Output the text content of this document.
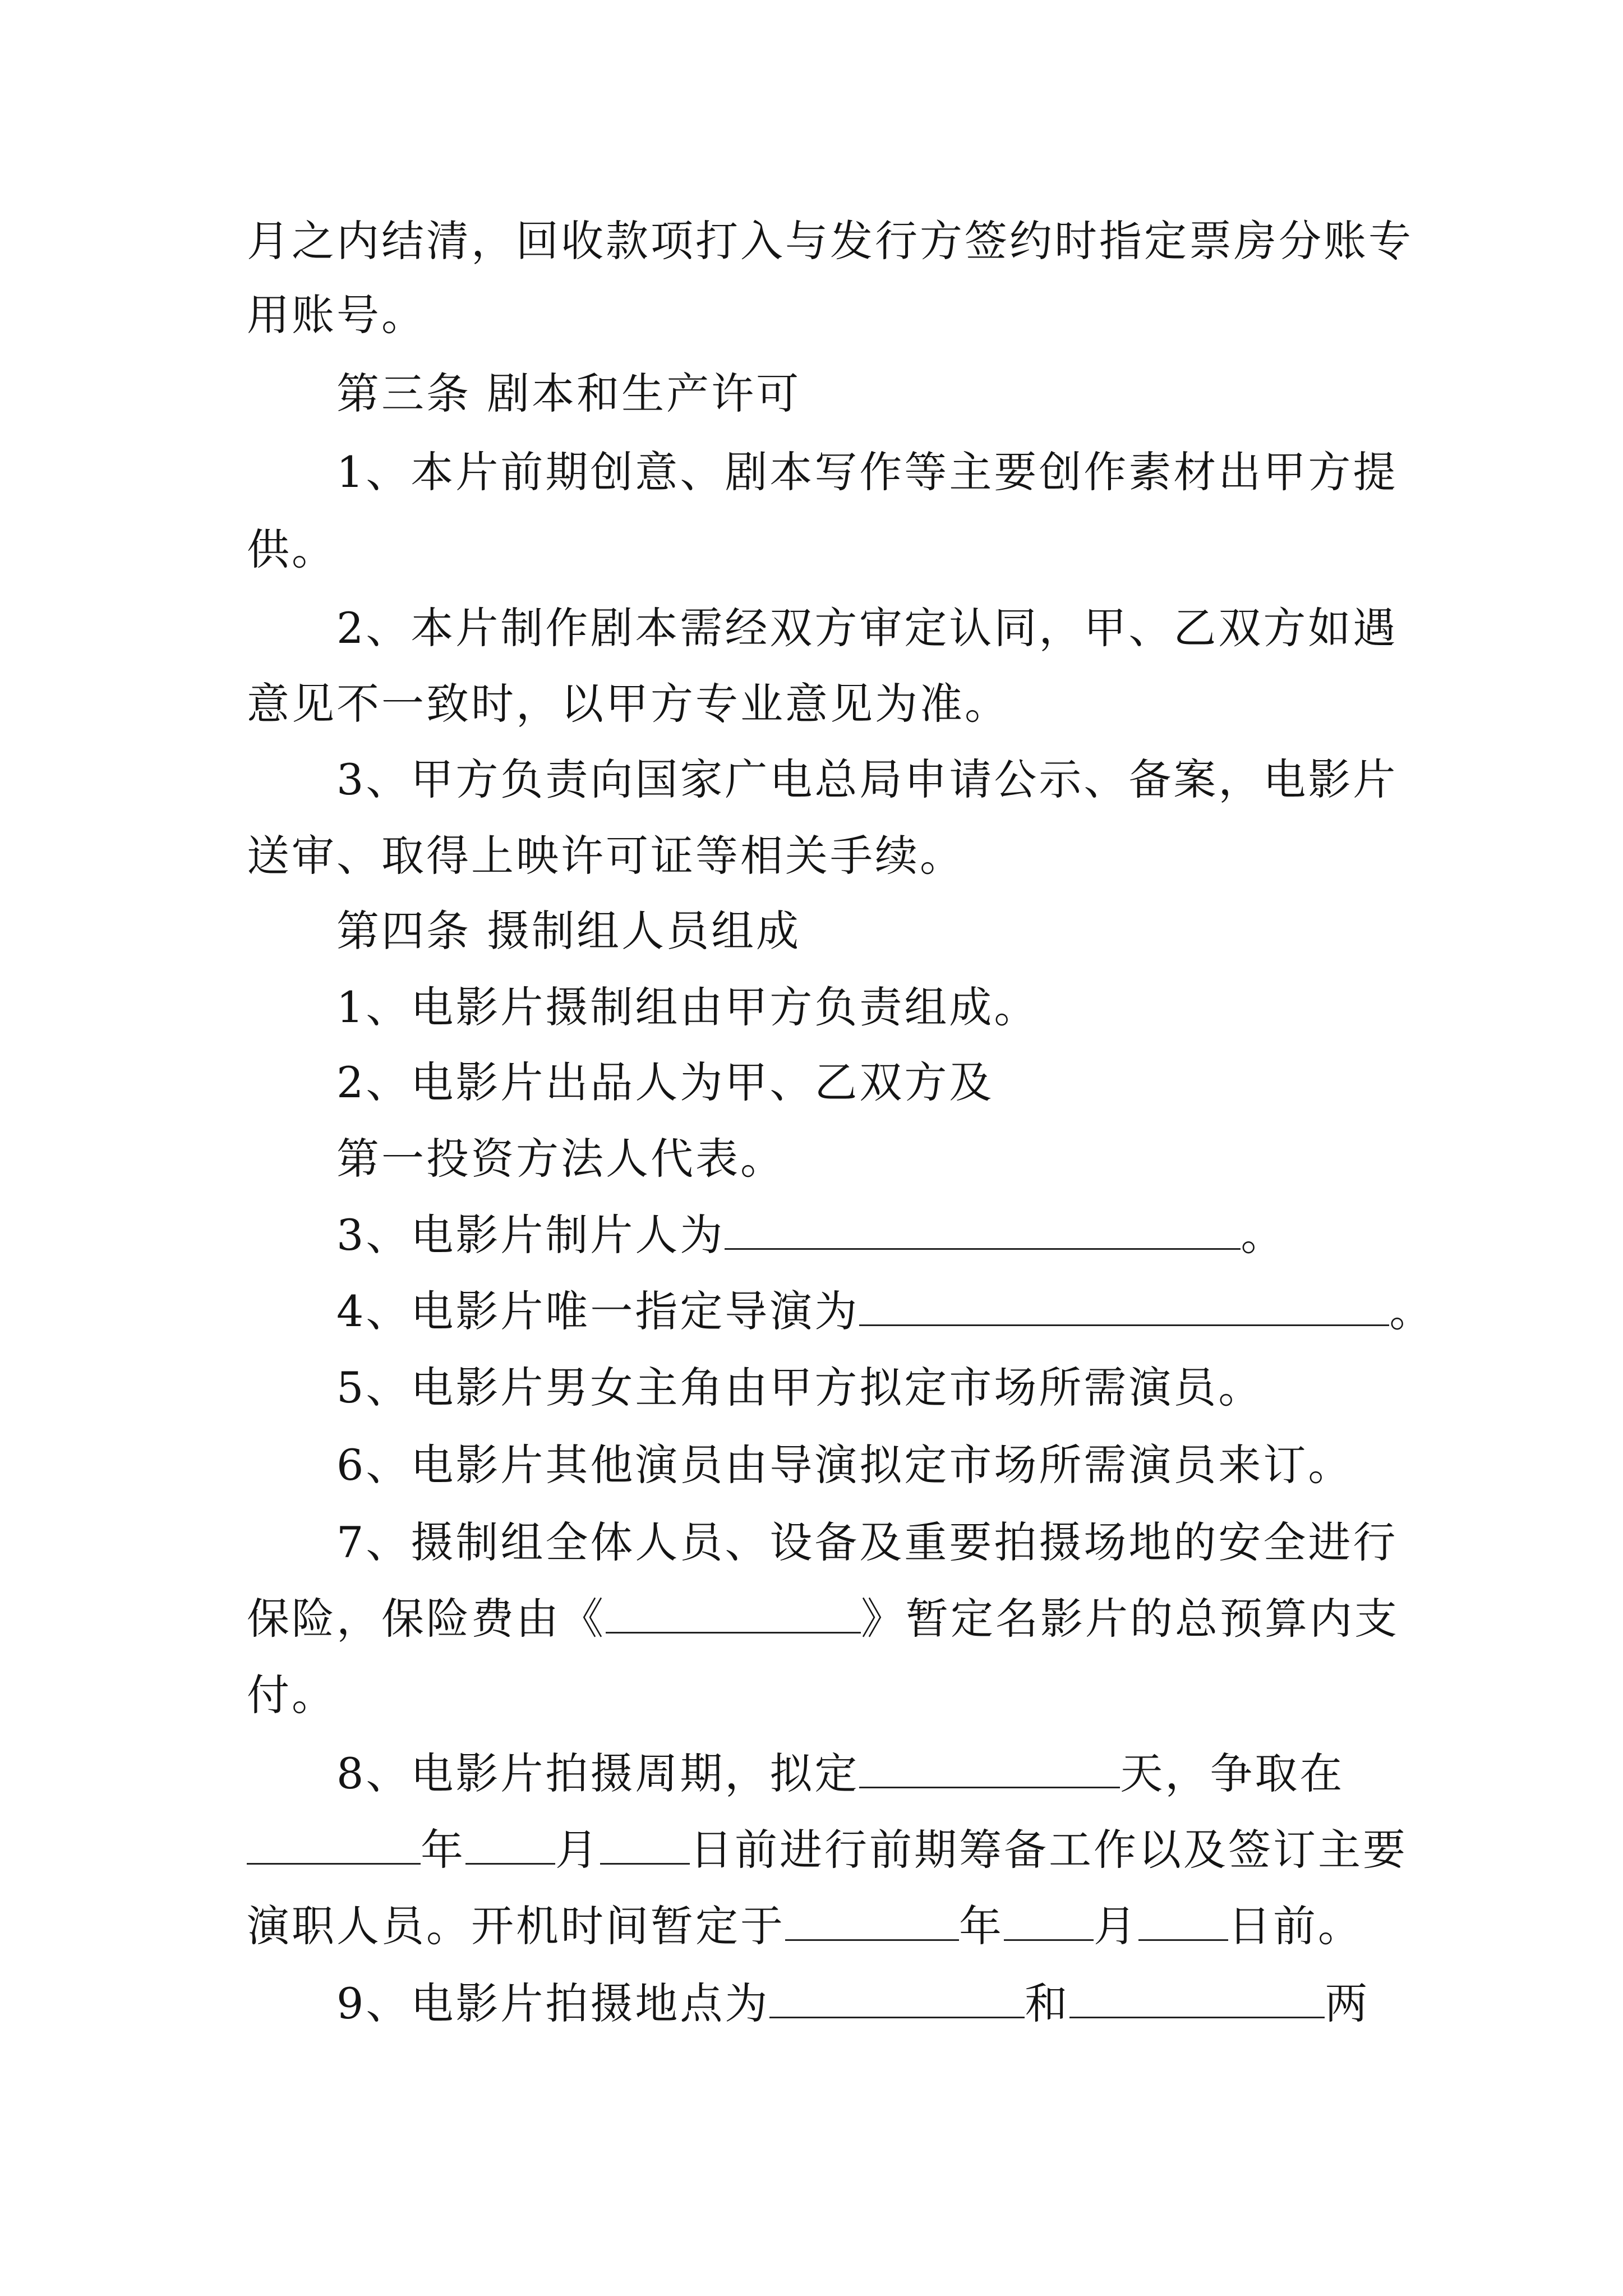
月之内结清，回收款项打入与发行方签约时指定票房分账专
用账号。
第三条 剧本和生产许可
1、本片前期创意、剧本写作等主要创作素材出甲方提
供。
2、本片制作剧本需经双方审定认同，甲、乙双方如遇
意见不一致时，以甲方专业意见为准。
3、甲方负责向国家广电总局申请公示、备案，电影片
送审、取得上映许可证等相关手续。
第四条 摄制组人员组成
1、电影片摄制组由甲方负责组成。
2、电影片出品人为甲、乙双方及
第一投资方法人代表。
3、电影片制片人为	。
4、电影片唯一指定导演为	。
5、电影片男女主角由甲方拟定市场所需演员。
6、电影片其他演员由导演拟定市场所需演员来订。
7、摄制组全体人员、设备及重要拍摄场地的安全进行
保险，保险费由《	》暂定名影片的总预算内支
付。
8、电影片拍摄周期，拟定	天，争取在
年 月 日前进行前期筹备工作以及签订主要
演职人员。开机时间暂定于	年 月 日前。
9、电影片拍摄地点为	和	两
